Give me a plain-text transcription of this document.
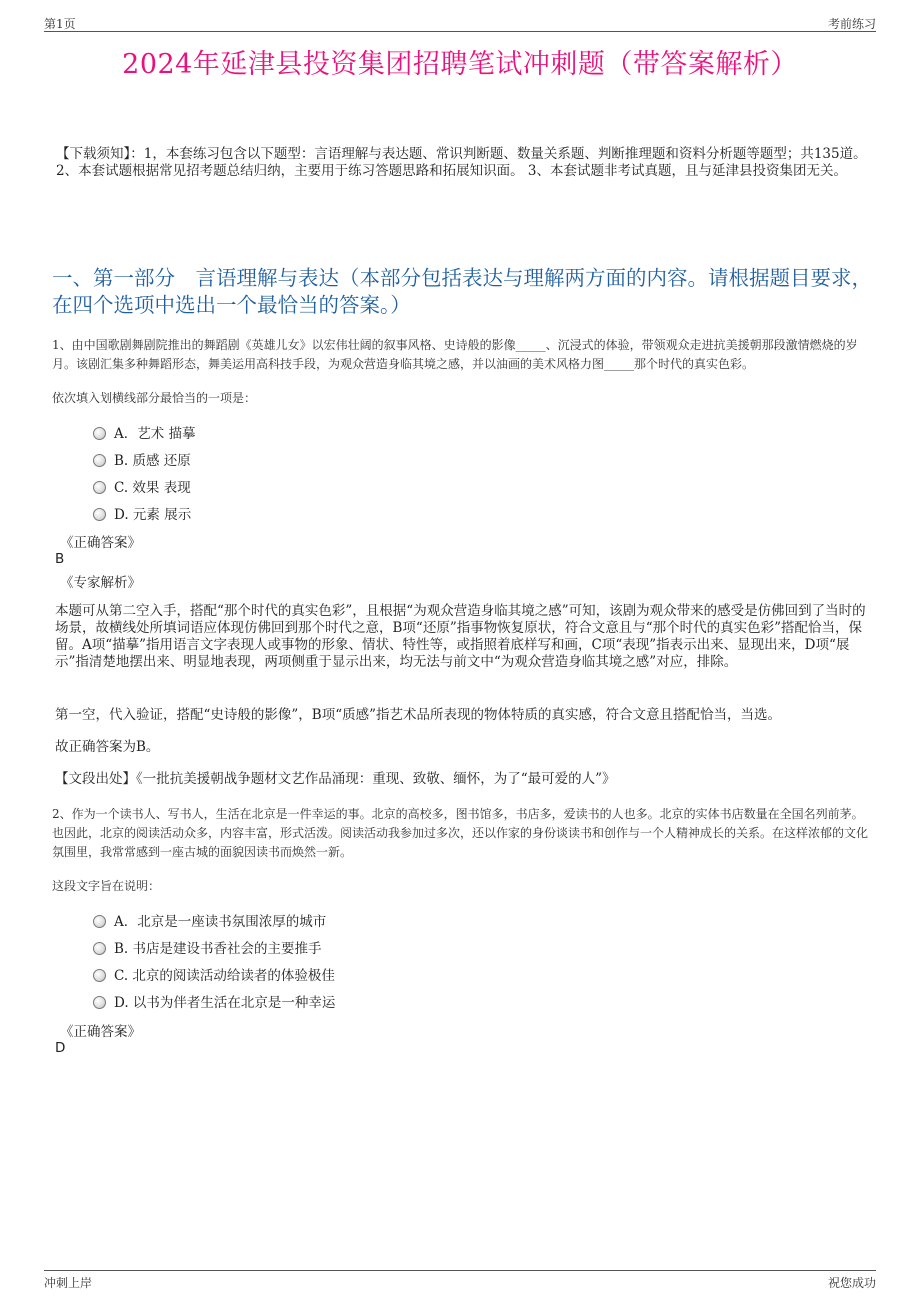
第1页	考前练习
2024年延津县投资集团招聘笔试冲刺题（带答案解析）
【下载须知】：1，本套练习包含以下题型：言语理解与表达题、常识判断题、数量关系题、判断推理题和资料分析题等题型；共135道。 2、本套试题根据常见招考题总结归纳，主要用于练习答题思路和拓展知识面。 3、本套试题非考试真题，且与延津县投资集团无关。
一、第一部分　言语理解与表达（本部分包括表达与理解两方面的内容。请根据题目要求，在四个选项中选出一个最恰当的答案。）
1、由中国歌剧舞剧院推出的舞蹈剧《英雄儿女》以宏伟壮阔的叙事风格、史诗般的影像_____、沉浸式的体验，带领观众走进抗美援朝那段激情燃烧的岁月。该剧汇集多种舞蹈形态，舞美运用高科技手段，为观众营造身临其境之感，并以油画的美术风格力图_____那个时代的真实色彩。
依次填入划横线部分最恰当的一项是：
A．艺术 描摹
B. 质感 还原
C. 效果 表现
D. 元素 展示
《正确答案》
B
《专家解析》
本题可从第二空入手，搭配“那个时代的真实色彩”，且根据“为观众营造身临其境之感”可知，该剧为观众带来的感受是仿佛回到了当时的场景，故横线处所填词语应体现仿佛回到那个时代之意，B项“还原”指事物恢复原状，符合文意且与“那个时代的真实色彩”搭配恰当，保留。A项“描摹”指用语言文字表现人或事物的形象、情状、特性等，或指照着底样写和画，C项“表现”指表示出来、显现出来，D项“展示”指清楚地摆出来、明显地表现，两项侧重于显示出来，均无法与前文中“为观众营造身临其境之感”对应，排除。
第一空，代入验证，搭配“史诗般的影像”，B项“质感”指艺术品所表现的物体特质的真实感，符合文意且搭配恰当，当选。
故正确答案为B。
【文段出处】《一批抗美援朝战争题材文艺作品涌现：重现、致敬、缅怀，为了“最可爱的人”》
2、作为一个读书人、写书人，生活在北京是一件幸运的事。北京的高校多，图书馆多，书店多，爱读书的人也多。北京的实体书店数量在全国名列前茅。也因此，北京的阅读活动众多，内容丰富，形式活泼。阅读活动我参加过多次，还以作家的身份谈读书和创作与一个人精神成长的关系。在这样浓郁的文化氛围里，我常常感到一座古城的面貌因读书而焕然一新。
这段文字旨在说明：
A．北京是一座读书氛围浓厚的城市
B. 书店是建设书香社会的主要推手
C. 北京的阅读活动给读者的体验极佳
D. 以书为伴者生活在北京是一种幸运
《正确答案》
D
冲刺上岸	祝您成功
